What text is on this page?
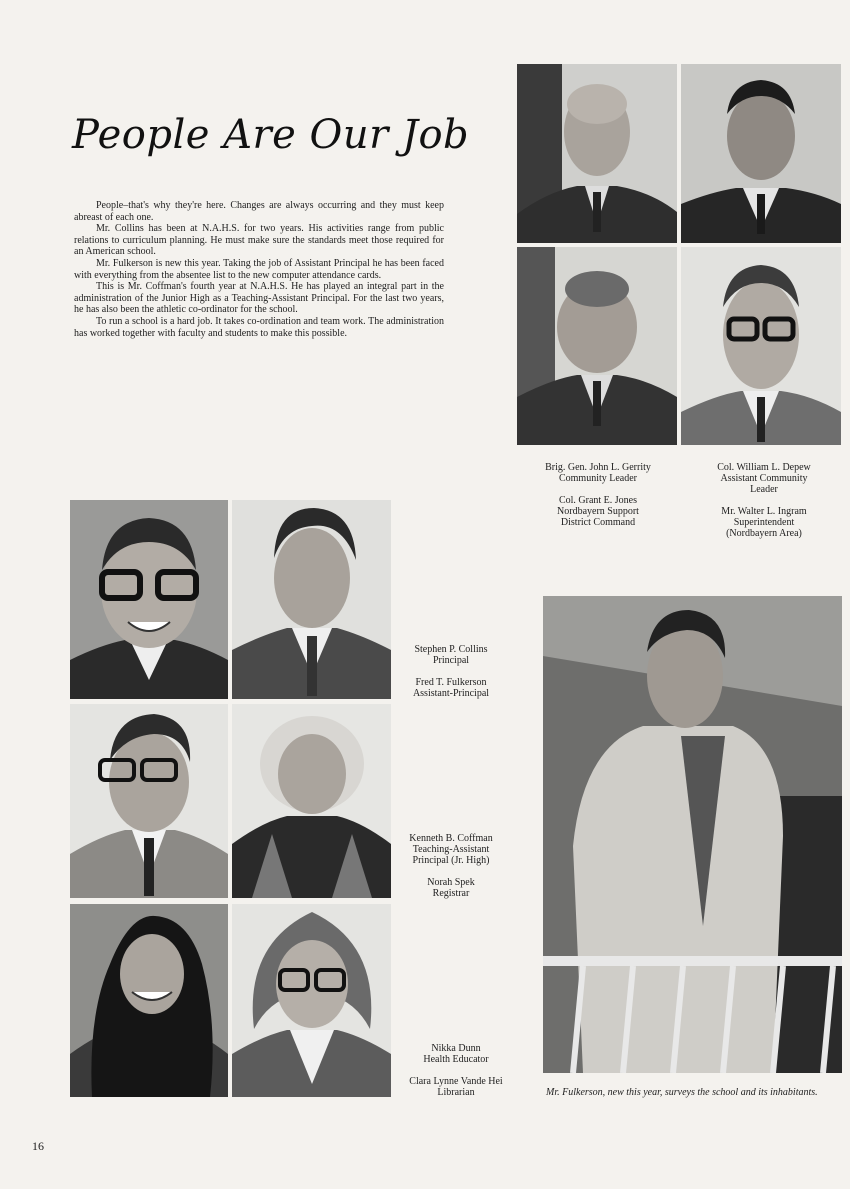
People Are Our Job

People–that's why they're here. Changes are always occurring and they must keep abreast of each one.

Mr. Collins has been at N.A.H.S. for two years. His activities range from public relations to curriculum planning. He must make sure the standards meet those required for an American school.

Mr. Fulkerson is new this year. Taking the job of Assistant Principal he has been faced with everything from the absentee list to the new computer attendance cards.

This is Mr. Coffman's fourth year at N.A.H.S. He has played an integral part in the administration of the Junior High as a Teaching-Assistant Principal. For the last two years, he has also been the athletic co-ordinator for the school.

To run a school is a hard job. It takes co-ordination and team work. The administration has worked together with faculty and students to make this possible.

Brig. Gen. John L. Gerrity
Community Leader
Col. Grant E. Jones
Nordbayern Support District Command
Col. William L. Depew
Assistant Community Leader
Mr. Walter L. Ingram
Superintendent (Nordbayern Area)
Stephen P. Collins
Principal
Fred T. Fulkerson
Assistant-Principal
Kenneth B. Coffman
Teaching-Assistant Principal (Jr. High)
Norah Spek
Registrar
Nikka Dunn
Health Educator
Clara Lynne Vande Hei
Librarian	Mr. Fulkerson, new this year, surveys the school and its inhabitants.
16
